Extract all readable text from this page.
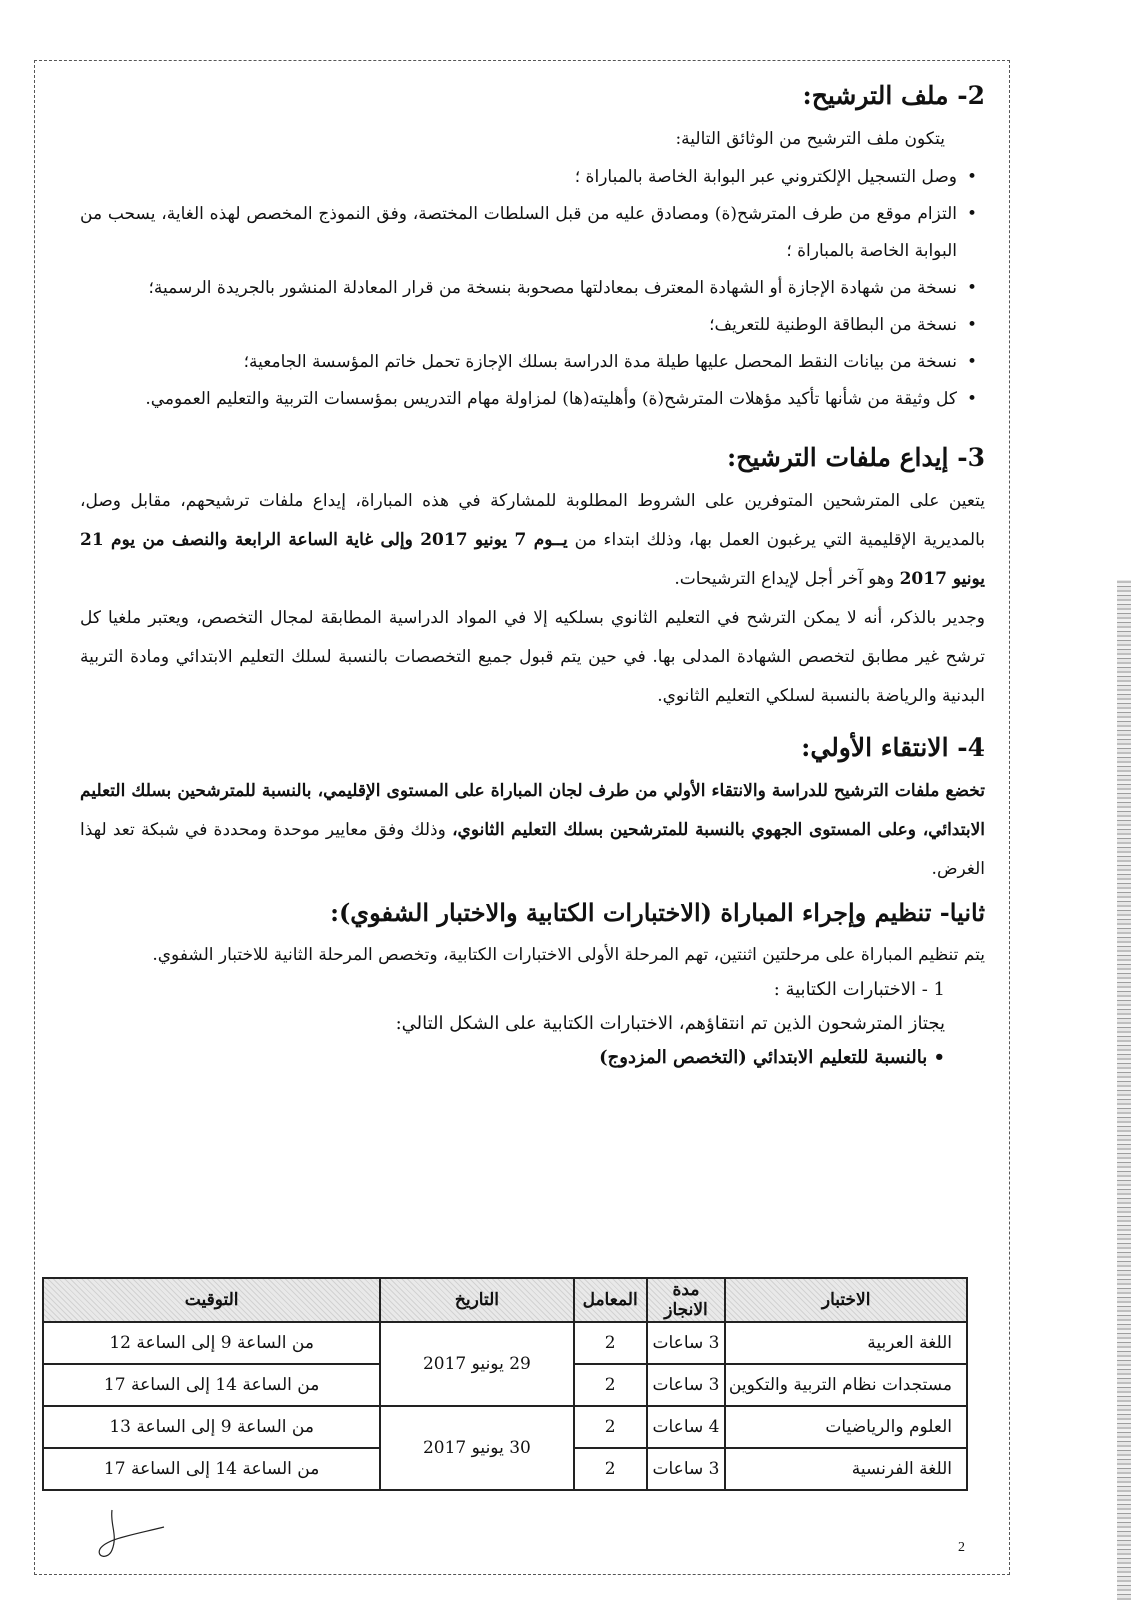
2- ملف الترشيح:

يتكون ملف الترشيح من الوثائق التالية:

•
وصل التسجيل الإلكتروني عبر البوابة الخاصة بالمباراة ؛
•
التزام موقع من طرف المترشح(ة) ومصادق عليه من قبل السلطات المختصة، وفق النموذج المخصص لهذه الغاية، يسحب من البوابة الخاصة بالمباراة ؛
•
نسخة من شهادة الإجازة أو الشهادة المعترف بمعادلتها مصحوبة بنسخة من قرار المعادلة المنشور بالجريدة الرسمية؛
•
نسخة من البطاقة الوطنية للتعريف؛
•
نسخة من بيانات النقط المحصل عليها طيلة مدة الدراسة بسلك الإجازة تحمل خاتم المؤسسة الجامعية؛
•
كل وثيقة من شأنها تأكيد مؤهلات المترشح(ة) وأهليته(ها) لمزاولة مهام التدريس بمؤسسات التربية والتعليم العمومي.
3- إيداع ملفات الترشيح:

يتعين على المترشحين المتوفرين على الشروط المطلوبة للمشاركة في هذه المباراة، إيداع ملفات ترشيحهم، مقابل وصل، بالمديرية الإقليمية التي يرغبون العمل بها، وذلك ابتداء من يــوم 7 يونيو 2017 وإلى غاية الساعة الرابعة والنصف من يوم 21 يونيو 2017 وهو آخر أجل لإيداع الترشيحات.

وجدير بالذكر، أنه لا يمكن الترشح في التعليم الثانوي بسلكيه إلا في المواد الدراسية المطابقة لمجال التخصص، ويعتبر ملغيا كل ترشح غير مطابق لتخصص الشهادة المدلى بها. في حين يتم قبول جميع التخصصات بالنسبة لسلك التعليم الابتدائي ومادة التربية البدنية والرياضة بالنسبة لسلكي التعليم الثانوي.

4- الانتقاء الأولي:

تخضع ملفات الترشيح للدراسة والانتقاء الأولي من طرف لجان المباراة على المستوى الإقليمي، بالنسبة للمترشحين بسلك التعليم الابتدائي، وعلى المستوى الجهوي بالنسبة للمترشحين بسلك التعليم الثانوي، وذلك وفق معايير موحدة ومحددة في شبكة تعد لهذا الغرض.

ثانيا- تنظيم وإجراء المباراة (الاختبارات الكتابية والاختبار الشفوي):

يتم تنظيم المباراة على مرحلتين اثنتين، تهم المرحلة الأولى الاختبارات الكتابية، وتخصص المرحلة الثانية للاختبار الشفوي.

1 - الاختبارات الكتابية :
يجتاز المترشحون الذين تم انتقاؤهم، الاختبارات الكتابية على الشكل التالي:
• بالنسبة للتعليم الابتدائي (التخصص المزدوج)
الاختبار	مدة الانجاز	المعامل	التاريخ	التوقيت
اللغة العربية	3 ساعات	2	29 يونيو 2017	من الساعة 9 إلى الساعة 12
مستجدات نظام التربية والتكوين	3 ساعات	2		من الساعة 14 إلى الساعة 17
العلوم والرياضيات	4 ساعات	2	30 يونيو 2017	من الساعة 9 إلى الساعة 13
اللغة الفرنسية	3 ساعات	2		من الساعة 14 إلى الساعة 17
2
